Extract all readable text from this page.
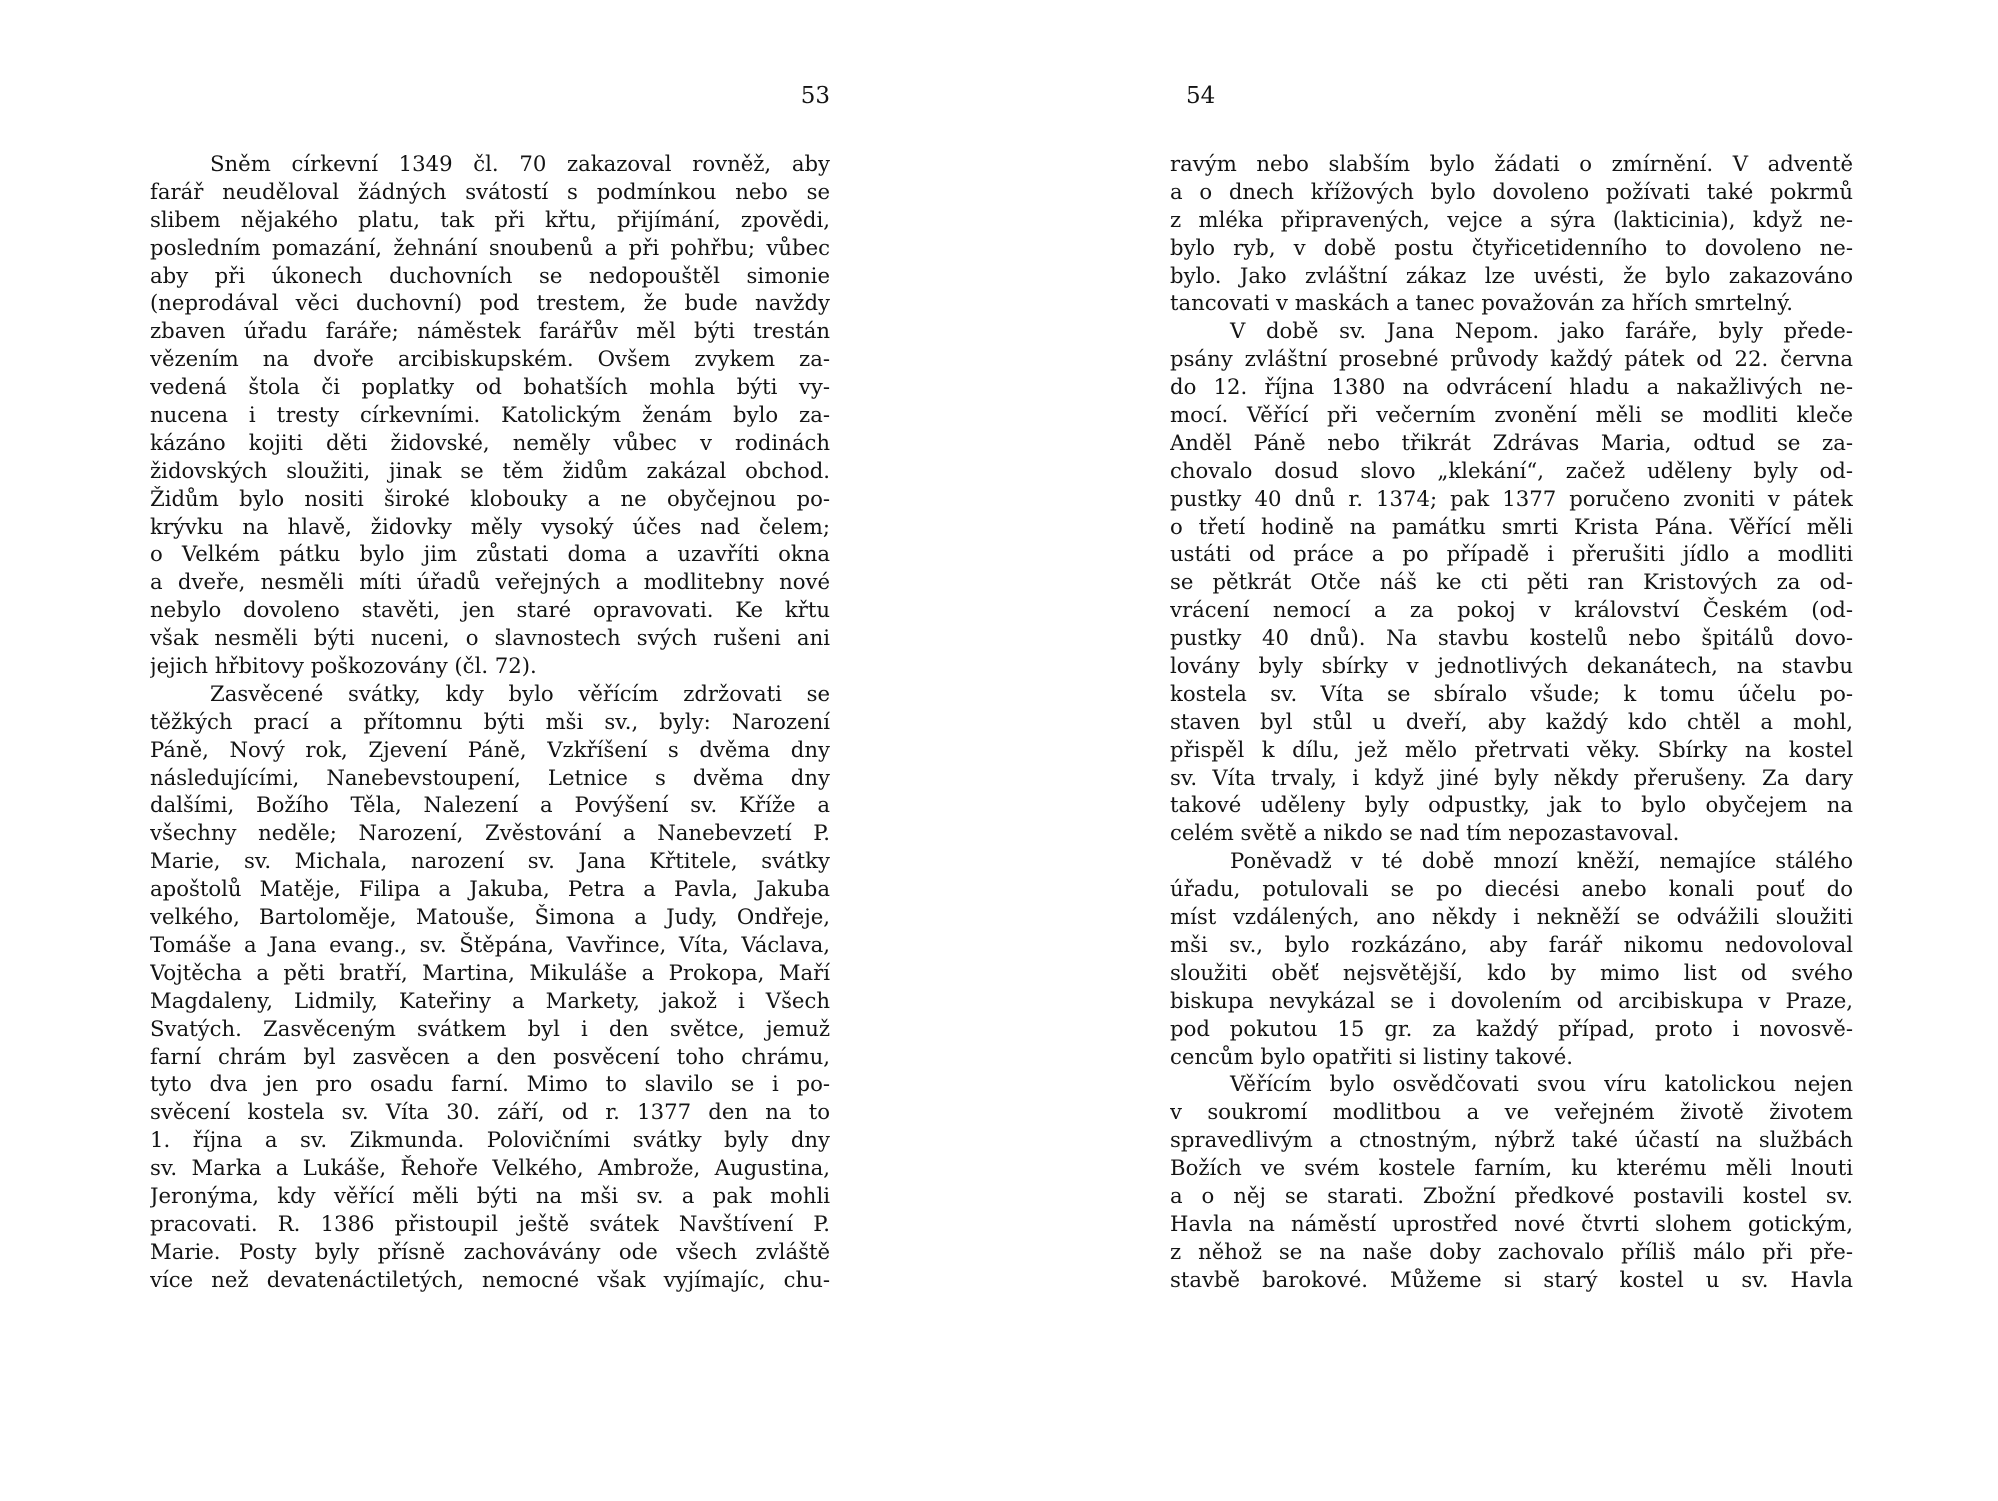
53
Sněm církevní 1349 čl. 70 zakazoval rovněž, aby
farář neuděloval žádných svátostí s podmínkou nebo se
slibem nějakého platu, tak při křtu, přijímání, zpovědi,
posledním pomazání, žehnání snoubenů a při pohřbu; vůbec
aby při úkonech duchovních se nedopouštěl simonie
(neprodával věci duchovní) pod trestem, že bude navždy
zbaven úřadu faráře; náměstek farářův měl býti trestán
vězením na dvoře arcibiskupském. Ovšem zvykem za-
vedená štola či poplatky od bohatších mohla býti vy-
nucena i tresty církevními. Katolickým ženám bylo za-
kázáno kojiti děti židovské, neměly vůbec v rodinách
židovských sloužiti, jinak se těm židům zakázal obchod.
Židům bylo nositi široké klobouky a ne obyčejnou po-
krývku na hlavě, židovky měly vysoký účes nad čelem;
o Velkém pátku bylo jim zůstati doma a uzavříti okna
a dveře, nesměli míti úřadů veřejných a modlitebny nové
nebylo dovoleno stavěti, jen staré opravovati. Ke křtu
však nesměli býti nuceni, o slavnostech svých rušeni ani
jejich hřbitovy poškozovány (čl. 72).
Zasvěcené svátky, kdy bylo věřícím zdržovati se
těžkých prací a přítomnu býti mši sv., byly: Narození
Páně, Nový rok, Zjevení Páně, Vzkříšení s dvěma dny
následujícími, Nanebevstoupení, Letnice s dvěma dny
dalšími, Božího Těla, Nalezení a Povýšení sv. Kříže a
všechny neděle; Narození, Zvěstování a Nanebevzetí P.
Marie, sv. Michala, narození sv. Jana Křtitele, svátky
apoštolů Matěje, Filipa a Jakuba, Petra a Pavla, Jakuba
velkého, Bartoloměje, Matouše, Šimona a Judy, Ondřeje,
Tomáše a Jana evang., sv. Štěpána, Vavřince, Víta, Václava,
Vojtěcha a pěti bratří, Martina, Mikuláše a Prokopa, Maří
Magdaleny, Lidmily, Kateřiny a Markety, jakož i Všech
Svatých. Zasvěceným svátkem byl i den světce, jemuž
farní chrám byl zasvěcen a den posvěcení toho chrámu,
tyto dva jen pro osadu farní. Mimo to slavilo se i po-
svěcení kostela sv. Víta 30. září, od r. 1377 den na to
1. října a sv. Zikmunda. Polovičními svátky byly dny
sv. Marka a Lukáše, Řehoře Velkého, Ambrože, Augustina,
Jeronýma, kdy věřící měli býti na mši sv. a pak mohli
pracovati. R. 1386 přistoupil ještě svátek Navštívení P.
Marie. Posty byly přísně zachovávány ode všech zvláště
více než devatenáctiletých, nemocné však vyjímajíc, chu-
54
ravým nebo slabším bylo žádati o zmírnění. V adventě
a o dnech křížových bylo dovoleno požívati také pokrmů
z mléka připravených, vejce a sýra (lakticinia), když ne-
bylo ryb, v době postu čtyřicetidenního to dovoleno ne-
bylo. Jako zvláštní zákaz lze uvésti, že bylo zakazováno
tancovati v maskách a tanec považován za hřích smrtelný.
V době sv. Jana Nepom. jako faráře, byly přede-
psány zvláštní prosebné průvody každý pátek od 22. června
do 12. října 1380 na odvrácení hladu a nakažlivých ne-
mocí. Věřící při večerním zvonění měli se modliti kleče
Anděl Páně nebo třikrát Zdrávas Maria, odtud se za-
chovalo dosud slovo „klekání“, začež uděleny byly od-
pustky 40 dnů r. 1374; pak 1377 poručeno zvoniti v pátek
o třetí hodině na památku smrti Krista Pána. Věřící měli
ustáti od práce a po případě i přerušiti jídlo a modliti
se pětkrát Otče náš ke cti pěti ran Kristových za od-
vrácení nemocí a za pokoj v království Českém (od-
pustky 40 dnů). Na stavbu kostelů nebo špitálů dovo-
lovány byly sbírky v jednotlivých dekanátech, na stavbu
kostela sv. Víta se sbíralo všude; k tomu účelu po-
staven byl stůl u dveří, aby každý kdo chtěl a mohl,
přispěl k dílu, jež mělo přetrvati věky. Sbírky na kostel
sv. Víta trvaly, i když jiné byly někdy přerušeny. Za dary
takové uděleny byly odpustky, jak to bylo obyčejem na
celém světě a nikdo se nad tím nepozastavoval.
Poněvadž v té době mnozí kněží, nemajíce stálého
úřadu, potulovali se po diecési anebo konali pouť do
míst vzdálených, ano někdy i nekněží se odvážili sloužiti
mši sv., bylo rozkázáno, aby farář nikomu nedovoloval
sloužiti oběť nejsvětější, kdo by mimo list od svého
biskupa nevykázal se i dovolením od arcibiskupa v Praze,
pod pokutou 15 gr. za každý případ, proto i novosvě-
cencům bylo opatřiti si listiny takové.
Věřícím bylo osvědčovati svou víru katolickou nejen
v soukromí modlitbou a ve veřejném životě životem
spravedlivým a ctnostným, nýbrž také účastí na službách
Božích ve svém kostele farním, ku kterému měli lnouti
a o něj se starati. Zbožní předkové postavili kostel sv.
Havla na náměstí uprostřed nové čtvrti slohem gotickým,
z něhož se na naše doby zachovalo příliš málo při pře-
stavbě barokové. Můžeme si starý kostel u sv. Havla
